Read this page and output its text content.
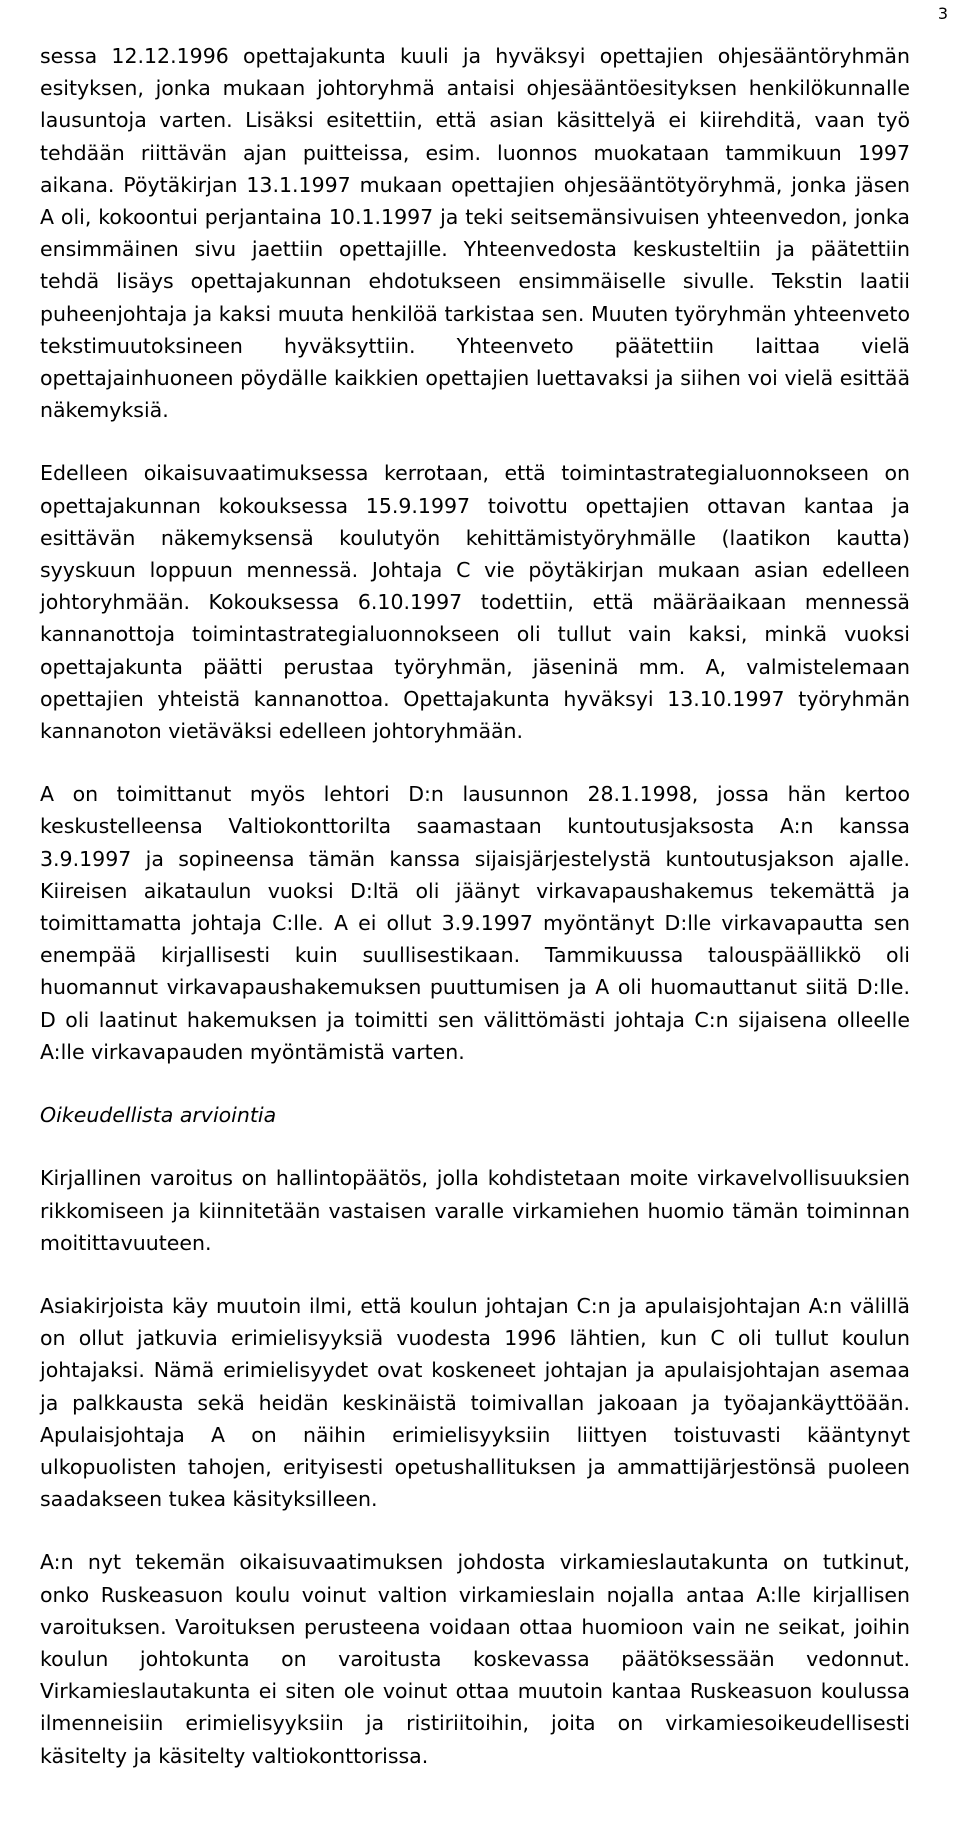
3

sessa 12.12.1996 opettajakunta kuuli ja hyväksyi opettajien ohjesääntöryhmän esityksen, jonka mukaan johtoryhmä antaisi ohjesääntöesityksen henkilökunnalle lausuntoja varten. Lisäksi esitettiin, että asian käsittelyä ei kiirehditä, vaan työ tehdään riittävän ajan puitteissa, esim. luonnos muokataan tammikuun 1997 aikana. Pöytäkirjan 13.1.1997 mukaan opettajien ohjesääntötyöryhmä, jonka jäsen A oli, kokoontui perjantaina 10.1.1997 ja teki seitsemänsivuisen yhteenvedon, jonka ensimmäinen sivu jaettiin opettajille. Yhteenvedosta keskusteltiin ja päätettiin tehdä lisäys opettajakunnan ehdotukseen ensimmäiselle sivulle. Tekstin laatii puheenjohtaja ja kaksi muuta henkilöä tarkistaa sen. Muuten työryhmän yhteenveto tekstimuutoksineen hyväksyttiin. Yhteenveto päätettiin laittaa vielä opettajainhuoneen pöydälle kaikkien opettajien luettavaksi ja siihen voi vielä esittää näkemyksiä.

Edelleen oikaisuvaatimuksessa kerrotaan, että toimintastrategialuonnokseen on opettajakunnan kokouksessa 15.9.1997 toivottu opettajien ottavan kantaa ja esittävän näkemyksensä koulutyön kehittämistyöryhmälle (laatikon kautta) syyskuun loppuun mennessä. Johtaja C vie pöytäkirjan mukaan asian edelleen johtoryhmään. Kokouksessa 6.10.1997 todettiin, että määräaikaan mennessä kannanottoja toimintastrategialuonnokseen oli tullut vain kaksi, minkä vuoksi opettajakunta päätti perustaa työryhmän, jäseninä mm. A, valmistelemaan opettajien yhteistä kannanottoa. Opettajakunta hyväksyi 13.10.1997 työryhmän kannanoton vietäväksi edelleen johtoryhmään.

A on toimittanut myös lehtori D:n lausunnon 28.1.1998, jossa hän kertoo keskustelleensa Valtiokonttorilta saamastaan kuntoutusjaksosta A:n kanssa 3.9.1997 ja sopineensa tämän kanssa sijaisjärjestelystä kuntoutusjakson ajalle. Kiireisen aikataulun vuoksi D:ltä oli jäänyt virkavapaushakemus tekemättä ja toimittamatta johtaja C:lle. A ei ollut 3.9.1997 myöntänyt D:lle virkavapautta sen enempää kirjallisesti kuin suullisestikaan. Tammikuussa talouspäällikkö oli huomannut virkavapaushakemuksen puuttumisen ja A oli huomauttanut siitä D:lle. D oli laatinut hakemuksen ja toimitti sen välittömästi johtaja C:n sijaisena olleelle A:lle virkavapauden myöntämistä varten.

Oikeudellista arviointia

Kirjallinen varoitus on hallintopäätös, jolla kohdistetaan moite virkavelvollisuuksien rikkomiseen ja kiinnitetään vastaisen varalle virkamiehen huomio tämän toiminnan moitittavuuteen.

Asiakirjoista käy muutoin ilmi, että koulun johtajan C:n ja apulaisjohtajan A:n välillä on ollut jatkuvia erimielisyyksiä vuodesta 1996 lähtien, kun C oli tullut koulun johtajaksi. Nämä erimielisyydet ovat koskeneet johtajan ja apulaisjohtajan asemaa ja palkkausta sekä heidän keskinäistä toimivallan jakoaan ja työajankäyttöään. Apulaisjohtaja A on näihin erimielisyyksiin liittyen toistuvasti kääntynyt ulkopuolisten tahojen, erityisesti opetushallituksen ja ammattijärjestönsä puoleen saadakseen tukea käsityksilleen.

A:n nyt tekemän oikaisuvaatimuksen johdosta virkamieslautakunta on tutkinut, onko Ruskeasuon koulu voinut valtion virkamieslain nojalla antaa A:lle kirjallisen varoituksen. Varoituksen perusteena voidaan ottaa huomioon vain ne seikat, joihin koulun johtokunta on varoitusta koskevassa päätöksessään vedonnut. Virkamieslautakunta ei siten ole voinut ottaa muutoin kantaa Ruskeasuon koulussa ilmenneisiin erimielisyyksiin ja ristiriitoihin, joita on virkamiesoikeudellisesti käsitelty ja käsitelty valtiokonttorissa.
